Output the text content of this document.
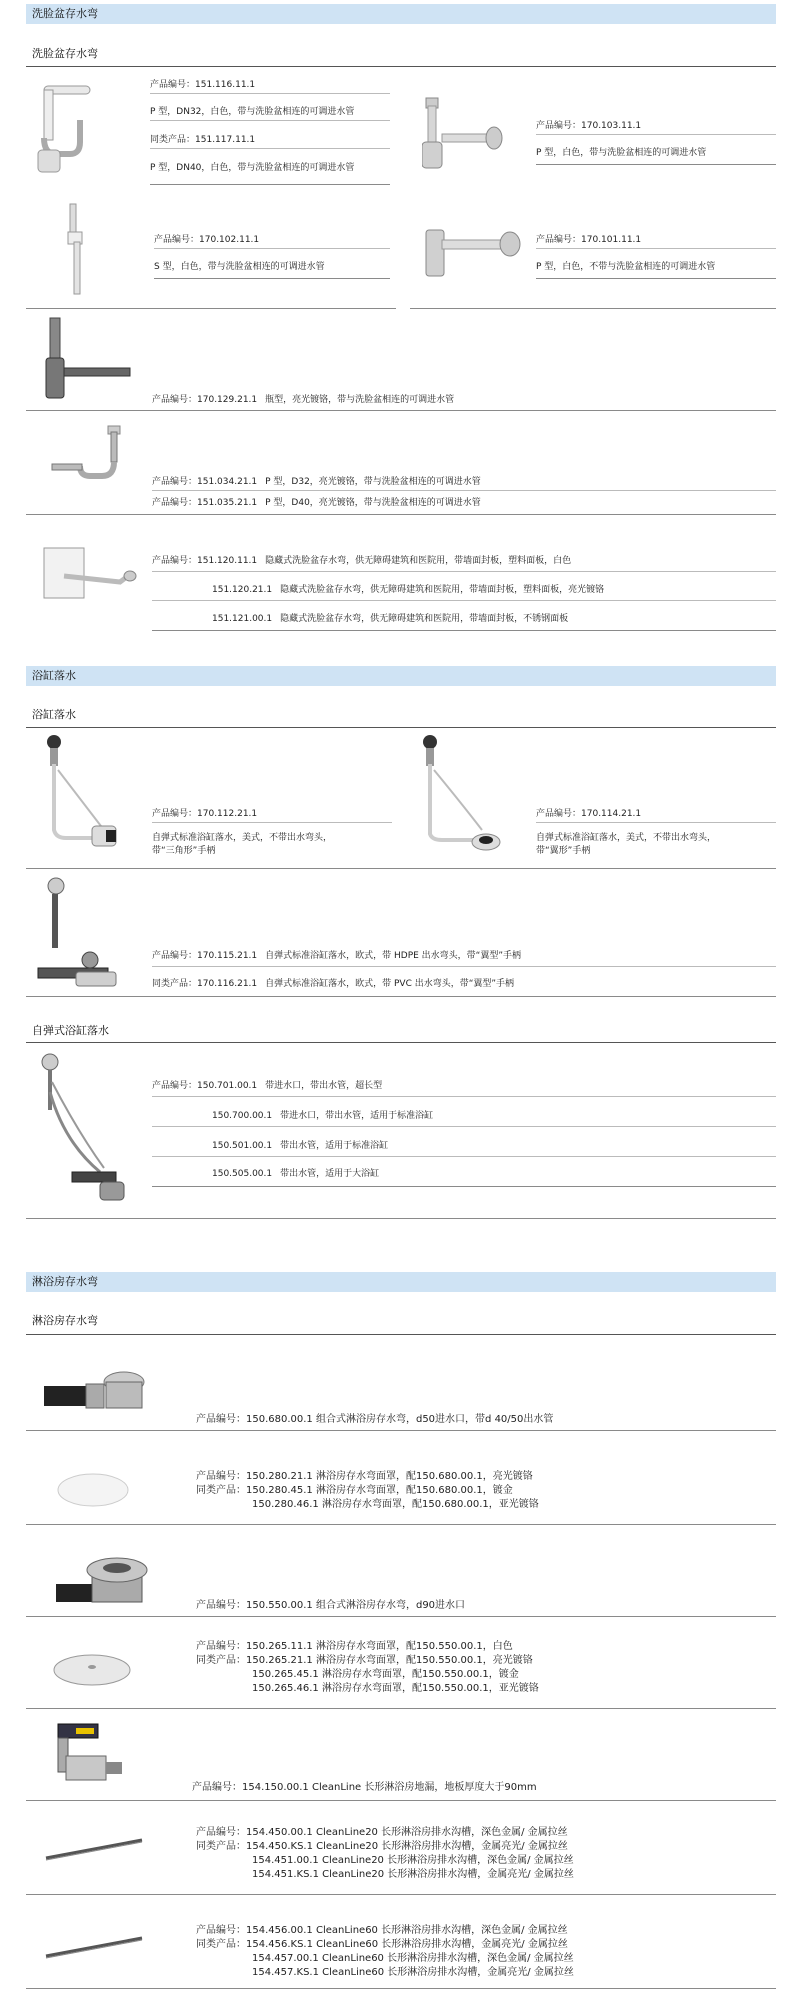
洗脸盆存水弯
洗脸盆存水弯
产品编号：151.116.11.1
P 型，DN32，白色，带与洗脸盆相连的可调进水管
同类产品：151.117.11.1
P 型，DN40，白色，带与洗脸盆相连的可调进水管
产品编号：170.103.11.1
P 型，白色，带与洗脸盆相连的可调进水管
产品编号：170.102.11.1
S 型，白色，带与洗脸盆相连的可调进水管
产品编号：170.101.11.1
P 型，白色，不带与洗脸盆相连的可调进水管
产品编号：170.129.21.1 瓶型，亮光镀铬，带与洗脸盆相连的可调进水管
产品编号：151.034.21.1 P 型，D32，亮光镀铬，带与洗脸盆相连的可调进水管
产品编号：151.035.21.1 P 型，D40，亮光镀铬，带与洗脸盆相连的可调进水管
产品编号：151.120.11.1 隐藏式洗脸盆存水弯，供无障碍建筑和医院用，带墙面封板，塑料面板，白色
151.120.21.1 隐藏式洗脸盆存水弯，供无障碍建筑和医院用，带墙面封板，塑料面板，亮光镀铬
151.121.00.1 隐藏式洗脸盆存水弯，供无障碍建筑和医院用，带墙面封板，不锈钢面板
浴缸落水
浴缸落水
产品编号：170.112.21.1
自弹式标准浴缸落水，美式，不带出水弯头，
带“三角形”手柄
产品编号：170.114.21.1
自弹式标准浴缸落水，美式，不带出水弯头，
带“翼形”手柄
产品编号：170.115.21.1 自弹式标准浴缸落水，欧式，带 HDPE 出水弯头，带“翼型”手柄
同类产品：170.116.21.1 自弹式标准浴缸落水，欧式，带 PVC 出水弯头，带“翼型”手柄
自弹式浴缸落水
产品编号：150.701.00.1 带进水口，带出水管，超长型
150.700.00.1 带进水口，带出水管，适用于标准浴缸
150.501.00.1 带出水管，适用于标准浴缸
150.505.00.1 带出水管，适用于大浴缸
淋浴房存水弯
淋浴房存水弯
产品编号：150.680.00.1 组合式淋浴房存水弯，d50进水口，带d 40/50出水管
产品编号：150.280.21.1 淋浴房存水弯面罩，配150.680.00.1，亮光镀铬
同类产品：150.280.45.1 淋浴房存水弯面罩，配150.680.00.1，镀金
150.280.46.1 淋浴房存水弯面罩，配150.680.00.1，亚光镀铬
产品编号：150.550.00.1 组合式淋浴房存水弯，d90进水口
产品编号：150.265.11.1 淋浴房存水弯面罩，配150.550.00.1，白色
同类产品：150.265.21.1 淋浴房存水弯面罩，配150.550.00.1，亮光镀铬
150.265.45.1 淋浴房存水弯面罩，配150.550.00.1，镀金
150.265.46.1 淋浴房存水弯面罩，配150.550.00.1，亚光镀铬
产品编号：154.150.00.1 CleanLine 长形淋浴房地漏，地板厚度大于90mm
产品编号：154.450.00.1 CleanLine20 长形淋浴房排水沟槽，深色金属/ 金属拉丝
同类产品：154.450.KS.1 CleanLine20 长形淋浴房排水沟槽，金属亮光/ 金属拉丝
154.451.00.1 CleanLine20 长形淋浴房排水沟槽，深色金属/ 金属拉丝
154.451.KS.1 CleanLine20 长形淋浴房排水沟槽，金属亮光/ 金属拉丝
产品编号：154.456.00.1 CleanLine60 长形淋浴房排水沟槽，深色金属/ 金属拉丝
同类产品：154.456.KS.1 CleanLine60 长形淋浴房排水沟槽，金属亮光/ 金属拉丝
154.457.00.1 CleanLine60 长形淋浴房排水沟槽，深色金属/ 金属拉丝
154.457.KS.1 CleanLine60 长形淋浴房排水沟槽，金属亮光/ 金属拉丝
